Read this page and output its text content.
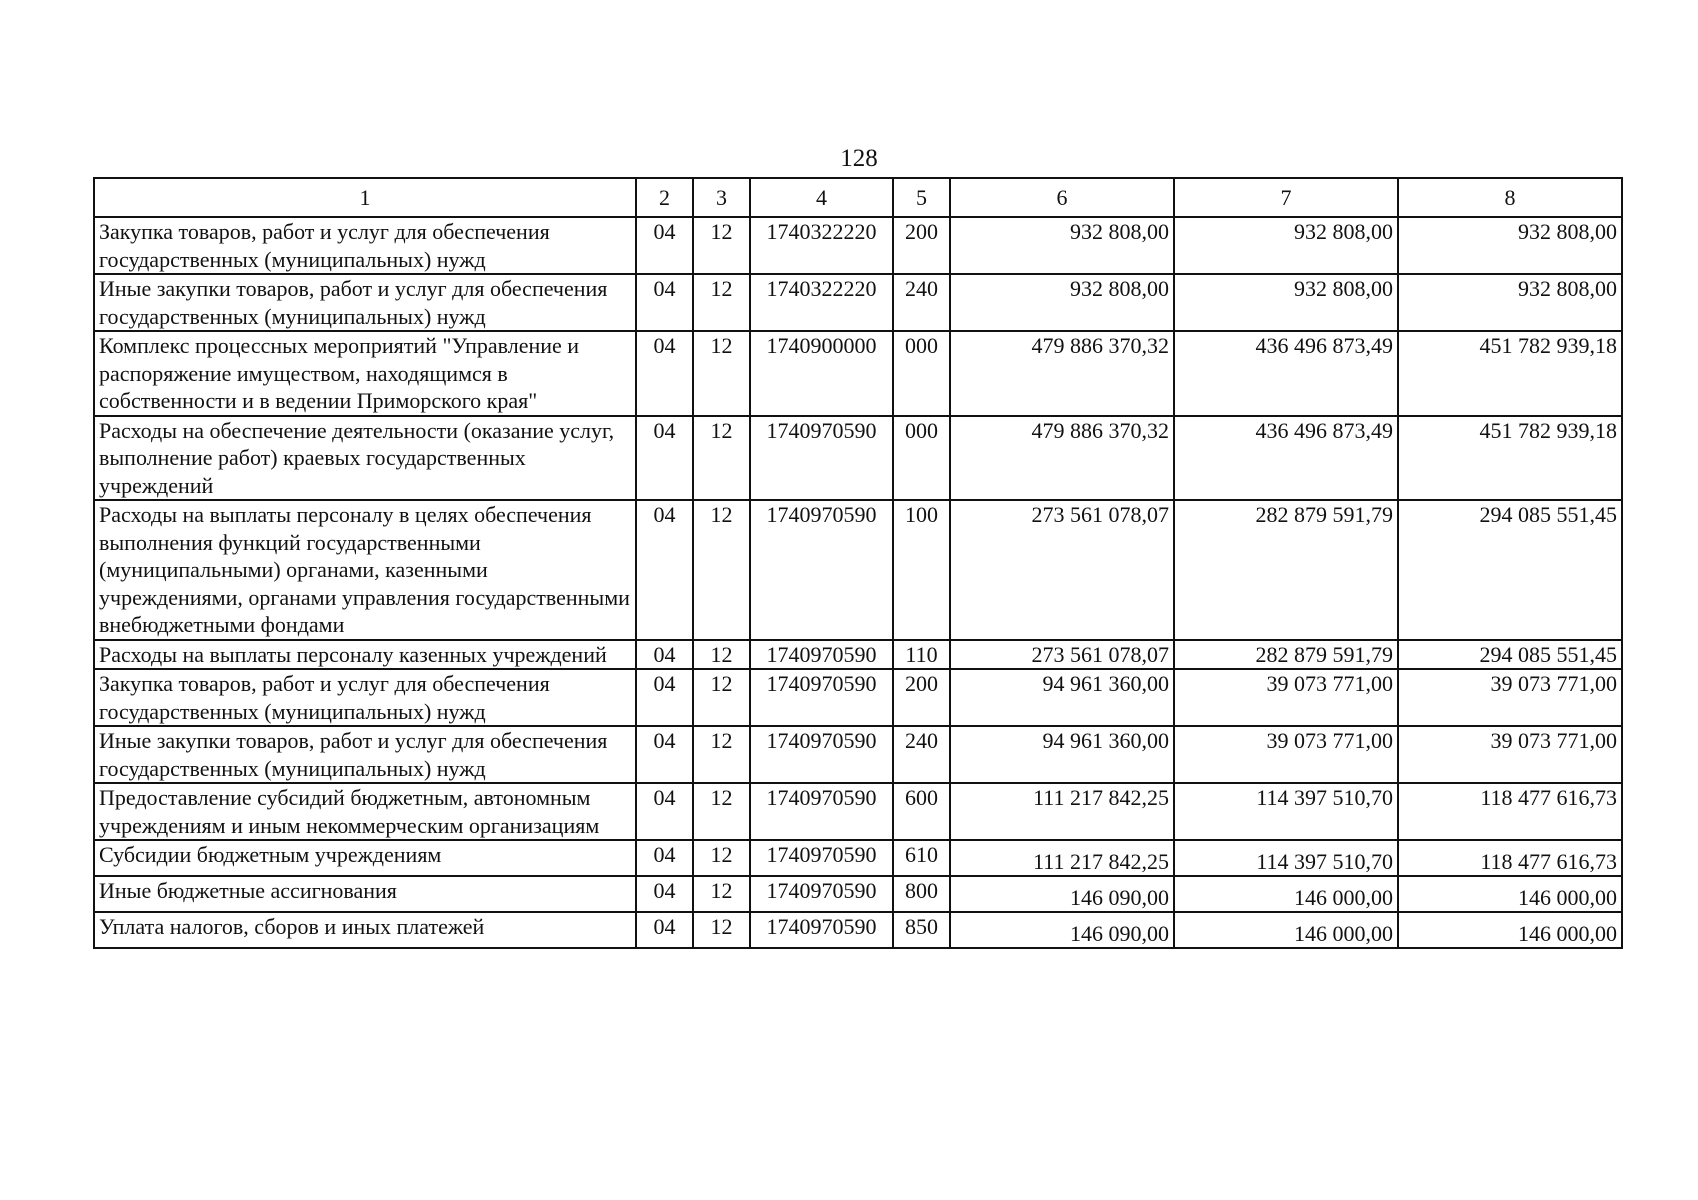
128
1	2	3	4	5	6	7	8
Закупка товаров, работ и услуг для обеспечения государственных (муниципальных) нужд	04	12	1740322220	200	932 808,00	932 808,00	932 808,00
Иные закупки товаров, работ и услуг для обеспечения государственных (муниципальных) нужд	04	12	1740322220	240	932 808,00	932 808,00	932 808,00
Комплекс процессных мероприятий "Управление и распоряжение имуществом, находящимся в собственности и в ведении Приморского края"	04	12	1740900000	000	479 886 370,32	436 496 873,49	451 782 939,18
Расходы на обеспечение деятельности (оказание услуг, выполнение работ) краевых государственных учреждений	04	12	1740970590	000	479 886 370,32	436 496 873,49	451 782 939,18
Расходы на выплаты персоналу в целях обеспечения выполнения функций государственными (муниципальными) органами, казенными учреждениями, органами управления государственными внебюджетными фондами	04	12	1740970590	100	273 561 078,07	282 879 591,79	294 085 551,45
Расходы на выплаты персоналу казенных учреждений	04	12	1740970590	110	273 561 078,07	282 879 591,79	294 085 551,45
Закупка товаров, работ и услуг для обеспечения государственных (муниципальных) нужд	04	12	1740970590	200	94 961 360,00	39 073 771,00	39 073 771,00
Иные закупки товаров, работ и услуг для обеспечения государственных (муниципальных) нужд	04	12	1740970590	240	94 961 360,00	39 073 771,00	39 073 771,00
Предоставление субсидий бюджетным, автономным учреждениям и иным некоммерческим организациям	04	12	1740970590	600	111 217 842,25	114 397 510,70	118 477 616,73
Субсидии бюджетным учреждениям	04	12	1740970590	610	111 217 842,25	114 397 510,70	118 477 616,73
Иные бюджетные ассигнования	04	12	1740970590	800	146 090,00	146 000,00	146 000,00
Уплата налогов, сборов и иных платежей	04	12	1740970590	850	146 090,00	146 000,00	146 000,00
